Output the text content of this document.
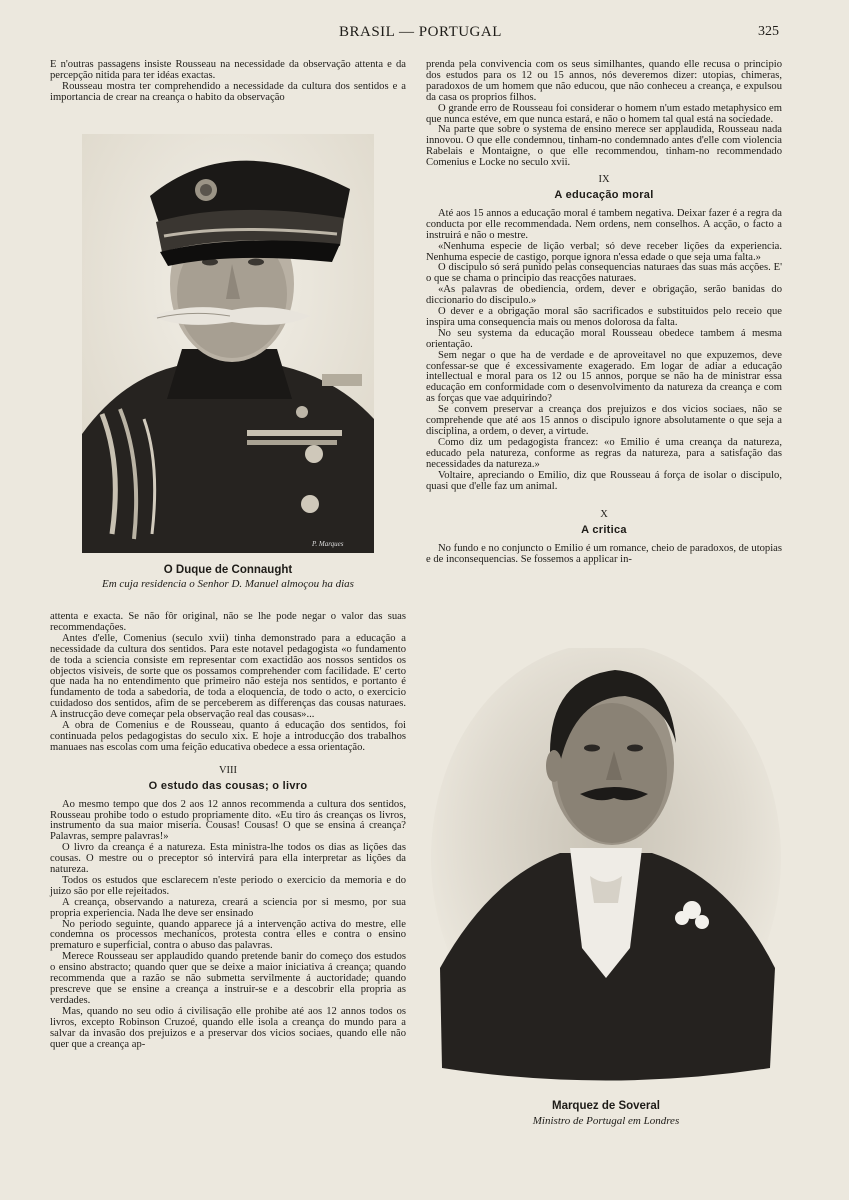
BRASIL — PORTUGAL	325

E n'outras passagens insiste Rousseau na necessidade da observação attenta e da percepção nitida para ter idéas exactas.

Rousseau mostra ter comprehendido a necessidade da cultura dos sentidos e a importancia de crear na creança o habito da observação

P. Marques
O Duque de Connaught
Em cuja residencia o Senhor D. Manuel almoçou ha dias

attenta e exacta. Se não fôr original, não se lhe pode negar o valor das suas recommendações.

Antes d'elle, Comenius (seculo xvii) tinha demonstrado para a educação a necessidade da cultura dos sentidos. Para este notavel pedagogista «o fundamento de toda a sciencia consiste em representar com exactidão aos nossos sentidos os objectos visiveis, de sorte que os possamos comprehender com facilidade. E' certo que nada ha no entendimento que primeiro não esteja nos sentidos, e portanto é fundamento de toda a sabedoria, de toda a eloquencia, de todo o acto, o exercicio cuidadoso dos sentidos, afim de se perceberem as differenças das cousas naturaes. A instrucção deve começar pela observação real das cousas»...

A obra de Comenius e de Rousseau, quanto á educação dos sentidos, foi continuada pelos pedagogistas do seculo xix. E hoje a introducção dos trabalhos manuaes nas escolas com uma feição educativa obedece a essa orientação.

VIII
O estudo das cousas; o livro

Ao mesmo tempo que dos 2 aos 12 annos recommenda a cultura dos sentidos, Rousseau prohibe todo o estudo propriamente dito. «Eu tiro ás creanças os livros, instrumento da sua maior miseria. Cousas! Cousas! O que se ensina á creança? Palavras, sempre palavras!»

O livro da creança é a natureza. Esta ministra-lhe todos os dias as lições das cousas. O mestre ou o preceptor só intervirá para ella interpretar as lições da natureza.

Todos os estudos que esclarecem n'este periodo o exercicio da memoria e do juizo são por elle rejeitados.

A creança, observando a natureza, creará a sciencia por si mesmo, por sua propria experiencia. Nada lhe deve ser ensinado

No periodo seguinte, quando apparece já a intervenção activa do mestre, elle condemna os processos mechanicos, protesta contra elles e contra o ensino prematuro e superficial, contra o abuso das palavras.

Merece Rousseau ser applaudido quando pretende banir do começo dos estudos o ensino abstracto; quando quer que se deixe a maior iniciativa á creança; quando recommenda que a razão se não submetta servilmente á auctoridade; quando prescreve que se ensine a creança a instruir-se e a descobrir ella propria as verdades.

Mas, quando no seu odio á civilisação elle prohibe até aos 12 annos todos os livros, excepto Robinson Cruzoé, quando elle isola a creança do mundo para a salvar da invasão dos prejuizos e a preservar dos vicios sociaes, quando elle não quer que a creança ap-

prenda pela convivencia com os seus similhantes, quando elle recusa o principio dos estudos para os 12 ou 15 annos, nós deveremos dizer: utopias, chimeras, paradoxos de um homem que não educou, que não conheceu a creança, e expulsou da casa os proprios filhos.

O grande erro de Rousseau foi considerar o homem n'um estado metaphysico em que nunca estéve, em que nunca estará, e não o homem tal qual está na sociedade.

Na parte que sobre o systema de ensino merece ser applaudida, Rousseau nada innovou. O que elle condemnou, tinham-no condemnado antes d'elle com violencia Rabelais e Montaigne, o que elle recommendou, tinham-no recommendado Comenius e Locke no seculo xvii.

IX
A educação moral

Até aos 15 annos a educação moral é tambem negativa. Deixar fazer é a regra da conducta por elle recommendada. Nem ordens, nem conselhos. A acção, o facto a instruirá e não o mestre.

«Nenhuma especie de lição verbal; só deve receber lições da experiencia. Nenhuma especie de castigo, porque ignora n'essa edade o que seja uma falta.»

O discipulo só será punido pelas consequencias naturaes das suas más acções. E' o que se chama o principio das reacções naturaes.

«As palavras de obediencia, ordem, dever e obrigação, serão banidas do diccionario do discipulo.»

O dever e a obrigação moral são sacrificados e substituidos pelo receio que inspira uma consequencia mais ou menos dolorosa da falta.

No seu systema da educação moral Rousseau obedece tambem á mesma orientação.

Sem negar o que ha de verdade e de aproveitavel no que expuzemos, deve confessar-se que é excessivamente exagerado. Em logar de adiar a educação intellectual e moral para os 12 ou 15 annos, porque se não ha de ministrar essa educação em conformidade com o desenvolvimento da natureza da creança e com as forças que vae adquirindo?

Se convem preservar a creança dos prejuizos e dos vicios sociaes, não se comprehende que até aos 15 annos o discipulo ignore absolutamente o que seja a disciplina, a ordem, o dever, a virtude.

Como diz um pedagogista francez: «o Emilio é uma creança da natureza, educado pela natureza, conforme as regras da natureza, para a satisfação das necessidades da natureza.»

Voltaire, apreciando o Emilio, diz que Rousseau á força de isolar o discipulo, quasi que d'elle faz um animal.

X
A critica

No fundo e no conjuncto o Emilio é um romance, cheio de paradoxos, de utopias e de inconsequencias. Se fossemos a applicar in-

Marquez de Soveral
Ministro de Portugal em Londres
